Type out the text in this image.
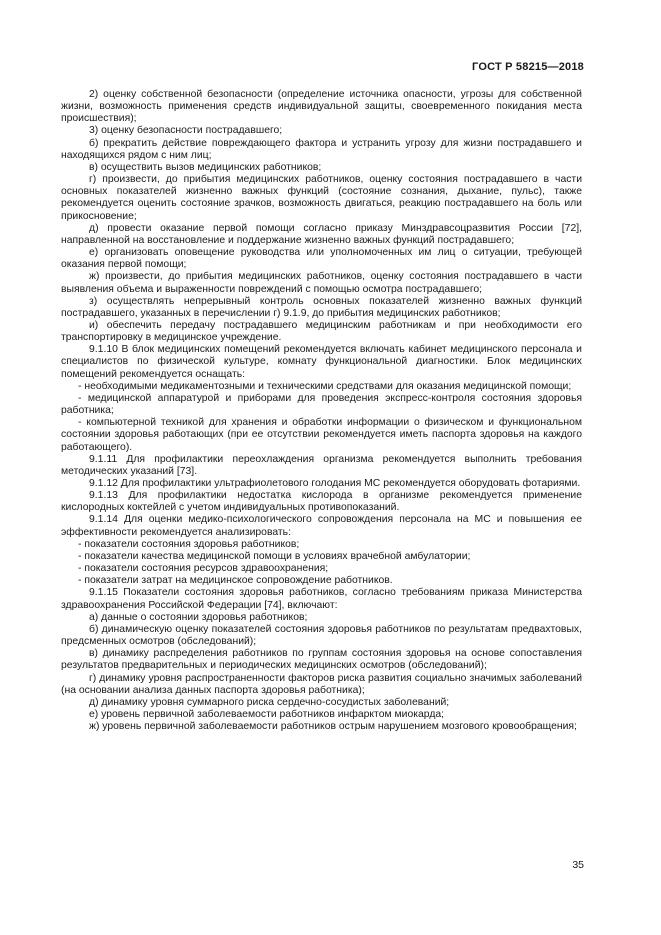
ГОСТ Р 58215—2018

2) оценку собственной безопасности (определение источника опасности, угрозы для собственной жизни, возможность применения средств индивидуальной защиты, своевременного покидания места происшествия);

3) оценку безопасности пострадавшего;

б) прекратить действие повреждающего фактора и устранить угрозу для жизни пострадавшего и находящихся рядом с ним лиц;

в) осуществить вызов медицинских работников;

г) произвести, до прибытия медицинских работников, оценку состояния пострадавшего в части основных показателей жизненно важных функций (состояние сознания, дыхание, пульс), также рекомендуется оценить состояние зрачков, возможность двигаться, реакцию пострадавшего на боль или прикосновение;

д) провести оказание первой помощи согласно приказу Минздравсоцразвития России [72], направленной на восстановление и поддержание жизненно важных функций пострадавшего;

е) организовать оповещение руководства или уполномоченных им лиц о ситуации, требующей оказания первой помощи;

ж) произвести, до прибытия медицинских работников, оценку состояния пострадавшего в части выявления объема и выраженности повреждений с помощью осмотра пострадавшего;

з) осуществлять непрерывный контроль основных показателей жизненно важных функций пострадавшего, указанных в перечислении г) 9.1.9, до прибытия медицинских работников;

и) обеспечить передачу пострадавшего медицинским работникам и при необходимости его транспортировку в медицинское учреждение.

9.1.10 В блок медицинских помещений рекомендуется включать кабинет медицинского персонала и специалистов по физической культуре, комнату функциональной диагностики. Блок медицинских помещений рекомендуется оснащать:

- необходимыми медикаментозными и техническими средствами для оказания медицинской помощи;

- медицинской аппаратурой и приборами для проведения экспресс-контроля состояния здоровья работника;

- компьютерной техникой для хранения и обработки информации о физическом и функциональном состоянии здоровья работающих (при ее отсутствии рекомендуется иметь паспорта здоровья на каждого работающего).

9.1.11 Для профилактики переохлаждения организма рекомендуется выполнить требования методических указаний [73].

9.1.12 Для профилактики ультрафиолетового голодания МС рекомендуется оборудовать фотариями.

9.1.13 Для профилактики недостатка кислорода в организме рекомендуется применение кислородных коктейлей с учетом индивидуальных противопоказаний.

9.1.14 Для оценки медико-психологического сопровождения персонала на МС и повышения ее эффективности рекомендуется анализировать:

- показатели состояния здоровья работников;

- показатели качества медицинской помощи в условиях врачебной амбулатории;

- показатели состояния ресурсов здравоохранения;

- показатели затрат на медицинское сопровождение работников.

9.1.15 Показатели состояния здоровья работников, согласно требованиям приказа Министерства здравоохранения Российской Федерации [74], включают:

а) данные о состоянии здоровья работников;

б) динамическую оценку показателей состояния здоровья работников по результатам предвахтовых, предсменных осмотров (обследований);

в) динамику распределения работников по группам состояния здоровья на основе сопоставления результатов предварительных и периодических медицинских осмотров (обследований);

г) динамику уровня распространенности факторов риска развития социально значимых заболеваний (на основании анализа данных паспорта здоровья работника);

д) динамику уровня суммарного риска сердечно-сосудистых заболеваний;

е) уровень первичной заболеваемости работников инфарктом миокарда;

ж) уровень первичной заболеваемости работников острым нарушением мозгового кровообращения;

35
